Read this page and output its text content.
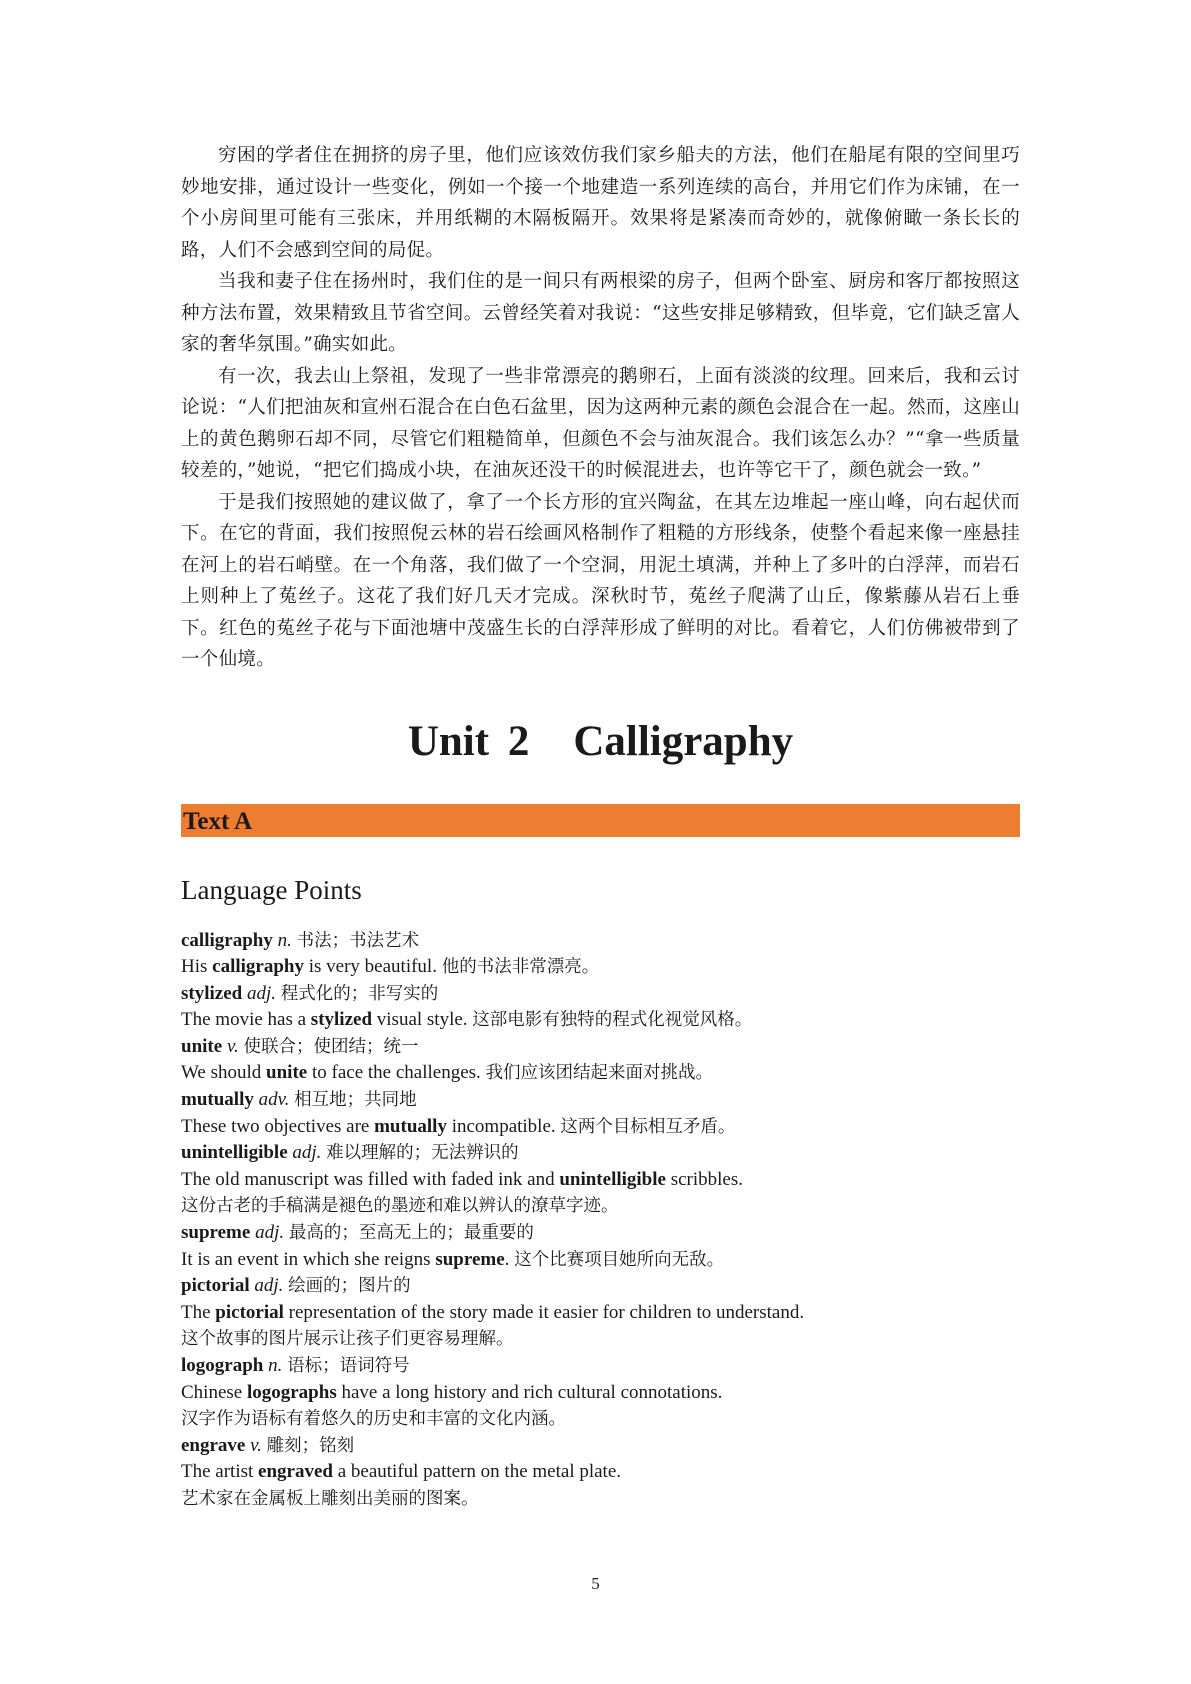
穷困的学者住在拥挤的房子里，他们应该效仿我们家乡船夫的方法，他们在船尾有限的空间里巧妙地安排，通过设计一些变化，例如一个接一个地建造一系列连续的高台，并用它们作为床铺，在一个小房间里可能有三张床，并用纸糊的木隔板隔开。效果将是紧凑而奇妙的，就像俯瞰一条长长的路，人们不会感到空间的局促。

当我和妻子住在扬州时，我们住的是一间只有两根梁的房子，但两个卧室、厨房和客厅都按照这种方法布置，效果精致且节省空间。云曾经笑着对我说：“这些安排足够精致，但毕竟，它们缺乏富人家的奢华氛围。”确实如此。

有一次，我去山上祭祖，发现了一些非常漂亮的鹅卵石，上面有淡淡的纹理。回来后，我和云讨论说：“人们把油灰和宣州石混合在白色石盆里，因为这两种元素的颜色会混合在一起。然而，这座山上的黄色鹅卵石却不同，尽管它们粗糙简单，但颜色不会与油灰混合。我们该怎么办？”“拿一些质量较差的，”她说，“把它们捣成小块，在油灰还没干的时候混进去，也许等它干了，颜色就会一致。”

于是我们按照她的建议做了，拿了一个长方形的宜兴陶盆，在其左边堆起一座山峰，向右起伏而下。在它的背面，我们按照倪云林的岩石绘画风格制作了粗糙的方形线条，使整个看起来像一座悬挂在河上的岩石峭壁。在一个角落，我们做了一个空洞，用泥土填满，并种上了多叶的白浮萍，而岩石上则种上了菟丝子。这花了我们好几天才完成。深秋时节，菟丝子爬满了山丘，像紫藤从岩石上垂下。红色的菟丝子花与下面池塘中茂盛生长的白浮萍形成了鲜明的对比。看着它，人们仿佛被带到了一个仙境。

Unit 2 Calligraphy
Text A
Language Points
calligraphy n. 书法；书法艺术
His calligraphy is very beautiful. 他的书法非常漂亮。
stylized adj. 程式化的；非写实的
The movie has a stylized visual style. 这部电影有独特的程式化视觉风格。
unite v. 使联合；使团结；统一
We should unite to face the challenges. 我们应该团结起来面对挑战。
mutually adv. 相互地；共同地
These two objectives are mutually incompatible. 这两个目标相互矛盾。
unintelligible adj. 难以理解的；无法辨识的
The old manuscript was filled with faded ink and unintelligible scribbles.
这份古老的手稿满是褪色的墨迹和难以辨认的潦草字迹。
supreme adj. 最高的；至高无上的；最重要的
It is an event in which she reigns supreme. 这个比赛项目她所向无敌。
pictorial adj. 绘画的；图片的
The pictorial representation of the story made it easier for children to understand.
这个故事的图片展示让孩子们更容易理解。
logograph n. 语标；语词符号
Chinese logographs have a long history and rich cultural connotations.
汉字作为语标有着悠久的历史和丰富的文化内涵。
engrave v. 雕刻；铭刻
The artist engraved a beautiful pattern on the metal plate.
艺术家在金属板上雕刻出美丽的图案。
5
